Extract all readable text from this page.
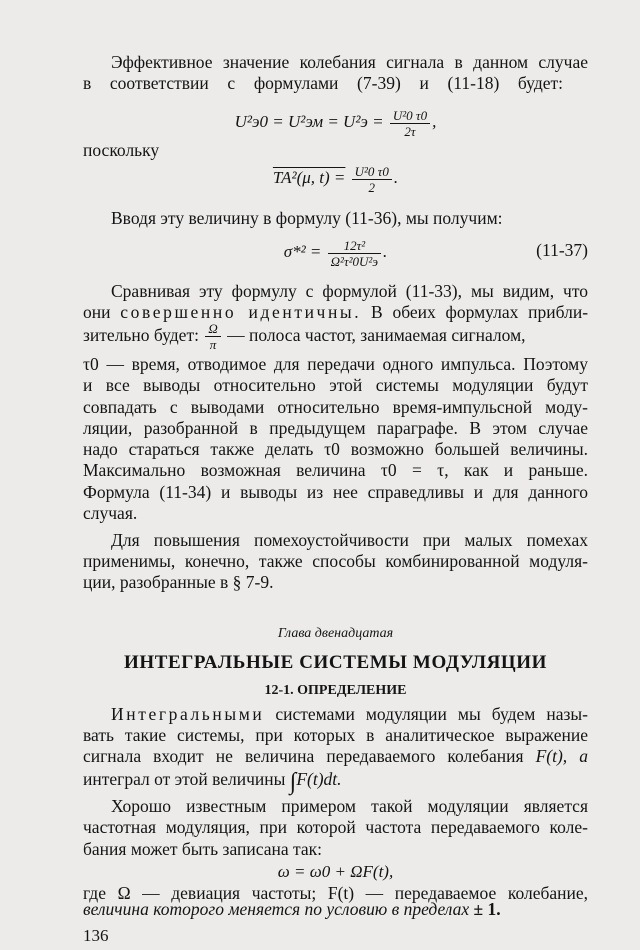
Эффективное значение колебания сигнала в данном случае
в соответствии с формулами (7-39) и (11-18) будет:
$U^2э0 = U^2эм = U^2э = \frac{\text{U²0 τ0}}{2\tau}$ ,
поскольку
TA²(μ, $t) = \frac{\text{U²0 τ0}}{2}$ .
Вводя эту величину в формулу (11-36), мы получим:
$\sigma*^2 = \frac{\text{12τ²}}{\text{Ω²τ²0U²э}}$ .	(11-37)
Сравнивая эту формулу с формулой (11-33), мы видим, что
они совершенно идентичны. В обеих формулах прибли-
зительно будет: $\frac{\Omega}{\pi}$ — полоса частот, занимаемая сигналом,
τ0 — время, отводимое для передачи одного импульса. Поэтому
и все выводы относительно этой системы модуляции будут
совпадать с выводами относительно время-импульсной моду-
ляции, разобранной в предыдущем параграфе. В этом случае
надо стараться также делать τ0 возможно большей величины.
Максимально возможная величина τ0 = τ, как и раньше.
Формула (11-34) и выводы из нее справедливы и для данного
случая.
Для повышения помехоустойчивости при малых помехах
применимы, конечно, также способы комбинированной модуля-
ции, разобранные в § 7-9.
Глава двенадцатая
ИНТЕГРАЛЬНЫЕ СИСТЕМЫ МОДУЛЯЦИИ
12-1. ОПРЕДЕЛЕНИЕ
Интегральными системами модуляции мы будем назы-
вать такие системы, при которых в аналитическое выражение
сигнала входит не величина передаваемого колебания F(t), а
интеграл от этой величины ∫F(t)dt.
Хорошо известным примером такой модуляции является
частотная модуляция, при которой частота передаваемого коле-
бания может быть записана так:
ω = ω0 + ΩF(t),
где Ω — девиация частоты; F(t) — передаваемое колебание,
величина которого меняется по условию в пределах ± 1.
136
